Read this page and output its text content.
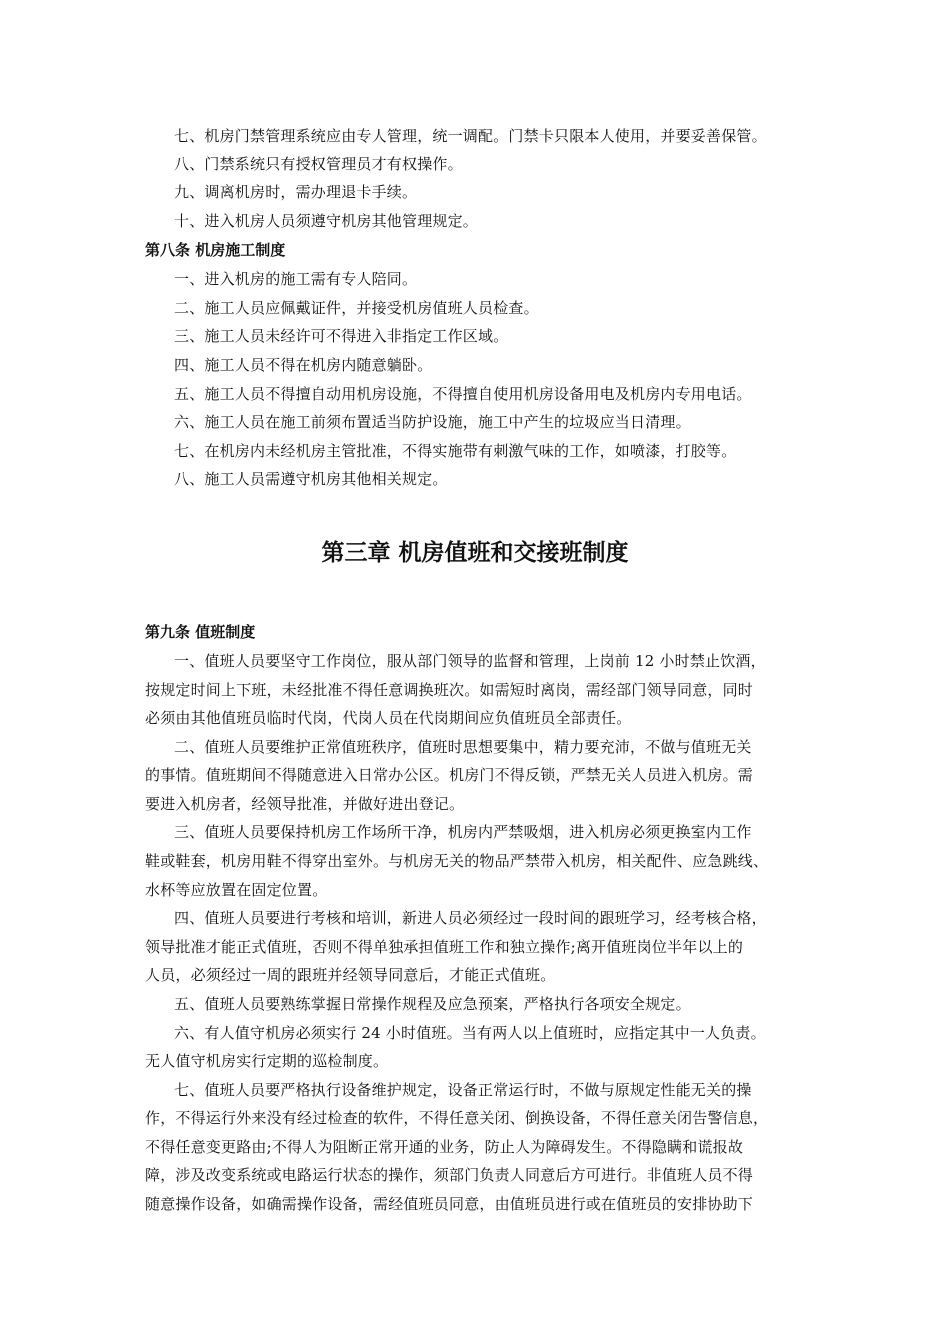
七、机房门禁管理系统应由专人管理，统一调配。门禁卡只限本人使用，并要妥善保管。
八、门禁系统只有授权管理员才有权操作。
九、调离机房时，需办理退卡手续。
十、进入机房人员须遵守机房其他管理规定。
第八条 机房施工制度
一、进入机房的施工需有专人陪同。
二、施工人员应佩戴证件，并接受机房值班人员检查。
三、施工人员未经许可不得进入非指定工作区域。
四、施工人员不得在机房内随意躺卧。
五、施工人员不得擅自动用机房设施，不得擅自使用机房设备用电及机房内专用电话。
六、施工人员在施工前须布置适当防护设施，施工中产生的垃圾应当日清理。
七、在机房内未经机房主管批准，不得实施带有刺激气味的工作，如喷漆，打胶等。
八、施工人员需遵守机房其他相关规定。
第三章 机房值班和交接班制度
第九条 值班制度
一、值班人员要坚守工作岗位，服从部门领导的监督和管理，上岗前 12 小时禁止饮酒，
按规定时间上下班，未经批准不得任意调换班次。如需短时离岗，需经部门领导同意，同时
必须由其他值班员临时代岗，代岗人员在代岗期间应负值班员全部责任。
二、值班人员要维护正常值班秩序，值班时思想要集中，精力要充沛，不做与值班无关
的事情。值班期间不得随意进入日常办公区。机房门不得反锁，严禁无关人员进入机房。需
要进入机房者，经领导批准，并做好进出登记。
三、值班人员要保持机房工作场所干净，机房内严禁吸烟，进入机房必须更换室内工作
鞋或鞋套，机房用鞋不得穿出室外。与机房无关的物品严禁带入机房，相关配件、应急跳线、
水杯等应放置在固定位置。
四、值班人员要进行考核和培训，新进人员必须经过一段时间的跟班学习，经考核合格，
领导批准才能正式值班，否则不得单独承担值班工作和独立操作;离开值班岗位半年以上的
人员，必须经过一周的跟班并经领导同意后，才能正式值班。
五、值班人员要熟练掌握日常操作规程及应急预案，严格执行各项安全规定。
六、有人值守机房必须实行 24 小时值班。当有两人以上值班时，应指定其中一人负责。
无人值守机房实行定期的巡检制度。
七、值班人员要严格执行设备维护规定，设备正常运行时，不做与原规定性能无关的操
作，不得运行外来没有经过检查的软件，不得任意关闭、倒换设备，不得任意关闭告警信息，
不得任意变更路由;不得人为阻断正常开通的业务，防止人为障碍发生。不得隐瞒和谎报故
障，涉及改变系统或电路运行状态的操作，须部门负责人同意后方可进行。非值班人员不得
随意操作设备，如确需操作设备，需经值班员同意，由值班员进行或在值班员的安排协助下
